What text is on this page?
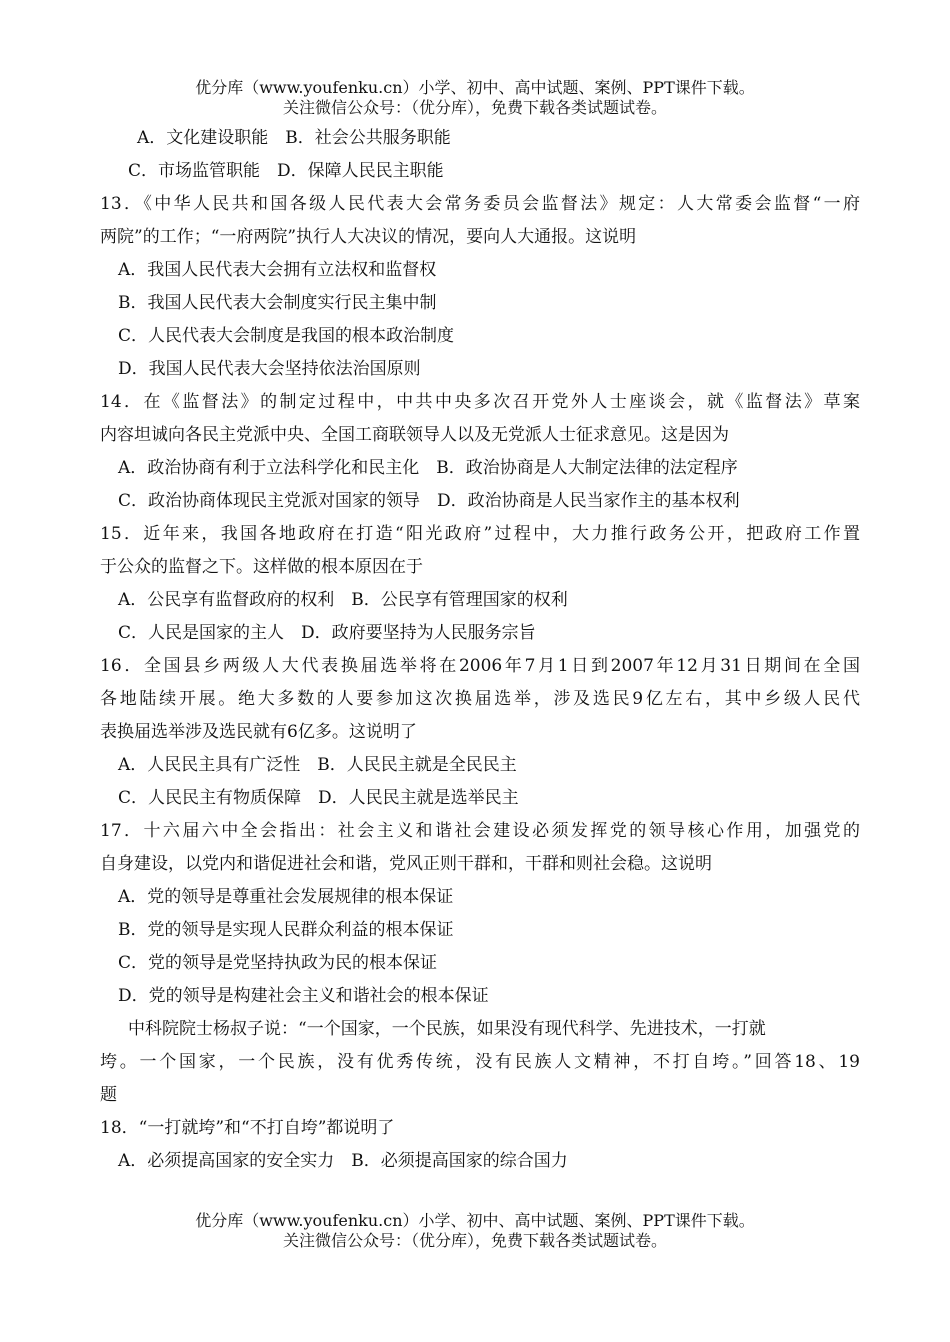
优分库（www.youfenku.cn）小学、初中、高中试题、案例、PPT课件下载。
关注微信公众号：（优分库），免费下载各类试题试卷。
A．文化建设职能　B．社会公共服务职能
C．市场监管职能　D．保障人民民主职能
13．《中华人民共和国各级人民代表大会常务委员会监督法》规定：人大常委会监督“一府
两院”的工作；“一府两院”执行人大决议的情况，要向人大通报。这说明
A．我国人民代表大会拥有立法权和监督权
B．我国人民代表大会制度实行民主集中制
C．人民代表大会制度是我国的根本政治制度
D．我国人民代表大会坚持依法治国原则
14．在《监督法》的制定过程中，中共中央多次召开党外人士座谈会，就《监督法》草案
内容坦诚向各民主党派中央、全国工商联领导人以及无党派人士征求意见。这是因为
A．政治协商有利于立法科学化和民主化　B．政治协商是人大制定法律的法定程序
C．政治协商体现民主党派对国家的领导　D．政治协商是人民当家作主的基本权利
15．近年来，我国各地政府在打造“阳光政府”过程中，大力推行政务公开，把政府工作置
于公众的监督之下。这样做的根本原因在于
A．公民享有监督政府的权利　B．公民享有管理国家的权利
C．人民是国家的主人　D．政府要坚持为人民服务宗旨
16．全国县乡两级人大代表换届选举将在2006年7月1日到2007年12月31日期间在全国
各地陆续开展。绝大多数的人要参加这次换届选举，涉及选民9亿左右，其中乡级人民代
表换届选举涉及选民就有6亿多。这说明了
A．人民民主具有广泛性　B．人民民主就是全民民主
C．人民民主有物质保障　D．人民民主就是选举民主
17．十六届六中全会指出：社会主义和谐社会建设必须发挥党的领导核心作用，加强党的
自身建设，以党内和谐促进社会和谐，党风正则干群和，干群和则社会稳。这说明
A．党的领导是尊重社会发展规律的根本保证
B．党的领导是实现人民群众利益的根本保证
C．党的领导是党坚持执政为民的根本保证
D．党的领导是构建社会主义和谐社会的根本保证
中科院院士杨叔子说：“一个国家，一个民族，如果没有现代科学、先进技术，一打就
垮。一个国家，一个民族，没有优秀传统，没有民族人文精神，不打自垮。”回答18、19
题
18．“一打就垮”和“不打自垮”都说明了
A．必须提高国家的安全实力　B．必须提高国家的综合国力
优分库（www.youfenku.cn）小学、初中、高中试题、案例、PPT课件下载。
关注微信公众号：（优分库），免费下载各类试题试卷。
